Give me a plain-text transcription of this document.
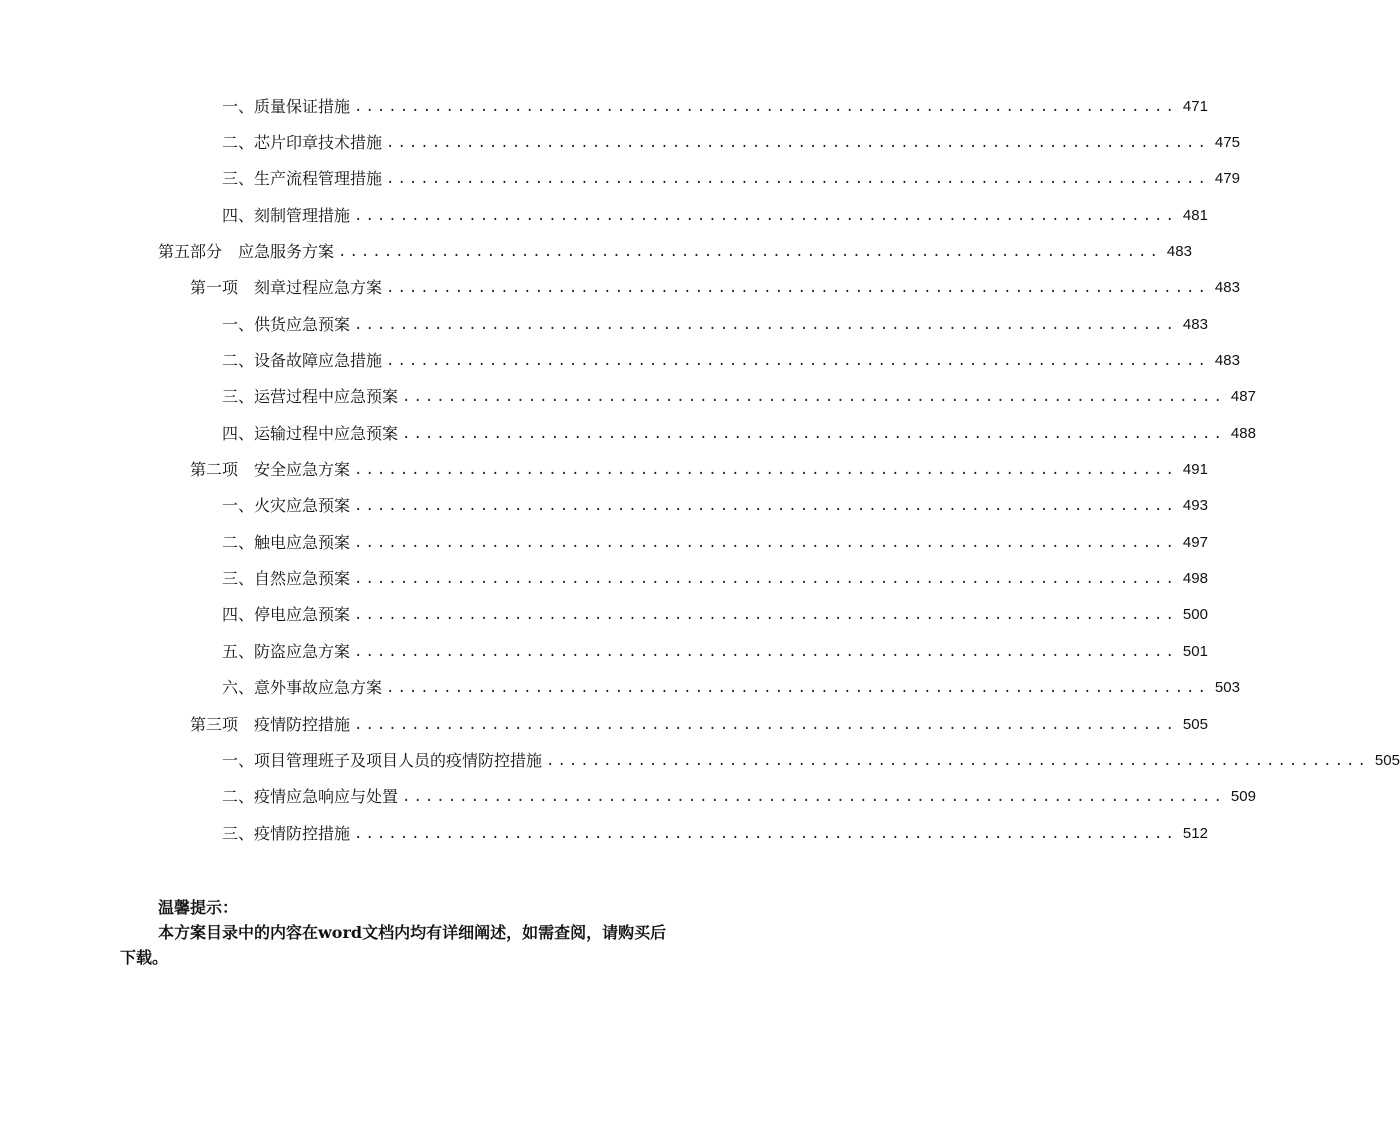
一、质量保证措施 ........................................................................ 471
二、芯片印章技术措施 ........................................................................ 475
三、生产流程管理措施 ........................................................................ 479
四、刻制管理措施 ........................................................................ 481
第五部分　应急服务方案 ........................................................................ 483
第一项　刻章过程应急方案 ........................................................................ 483
一、供货应急预案 ........................................................................ 483
二、设备故障应急措施 ........................................................................ 483
三、运营过程中应急预案 ........................................................................ 487
四、运输过程中应急预案 ........................................................................ 488
第二项　安全应急方案 ........................................................................ 491
一、火灾应急预案 ........................................................................ 493
二、触电应急预案 ........................................................................ 497
三、自然应急预案 ........................................................................ 498
四、停电应急预案 ........................................................................ 500
五、防盗应急方案 ........................................................................ 501
六、意外事故应急方案 ........................................................................ 503
第三项　疫情防控措施 ........................................................................ 505
一、项目管理班子及项目人员的疫情防控措施 ........................................................................ 505
二、疫情应急响应与处置 ........................................................................ 509
三、疫情防控措施 ........................................................................ 512
温馨提示：
本方案目录中的内容在word文档内均有详细阐述，如需查阅，请购买后下载。
